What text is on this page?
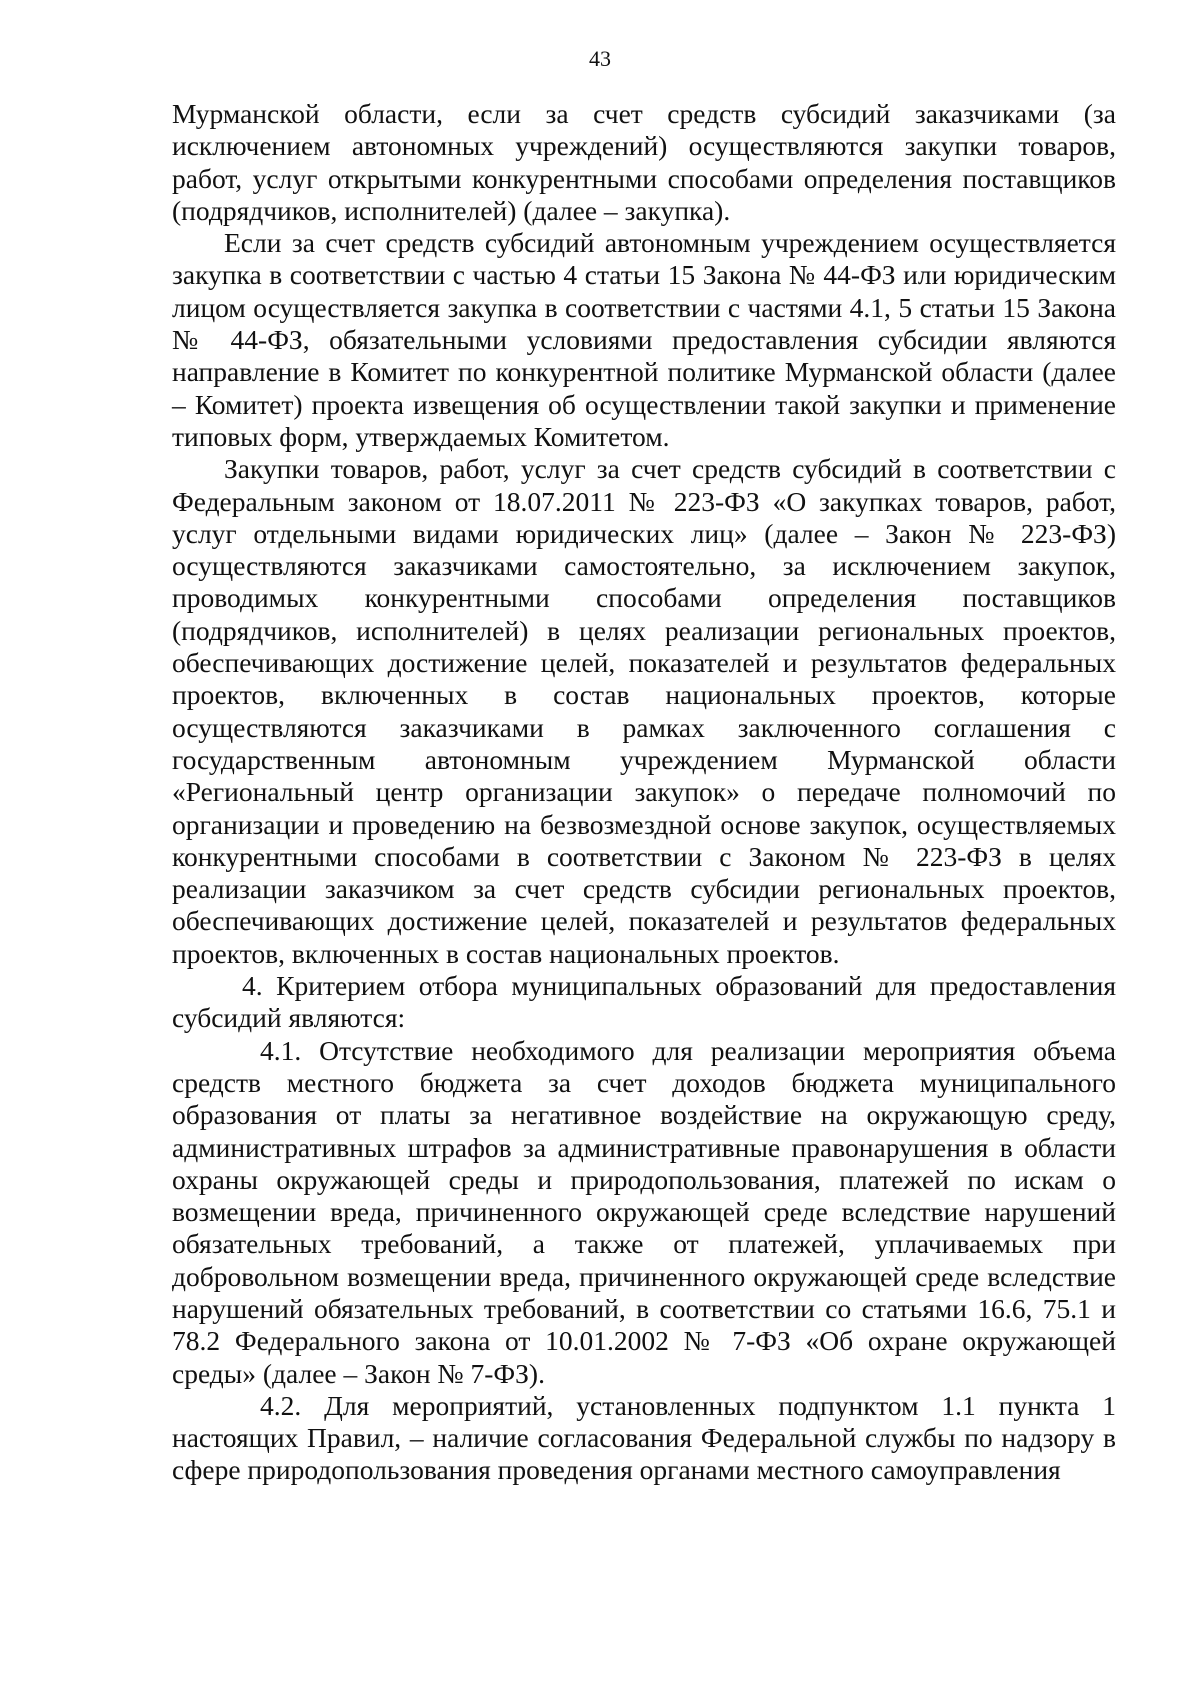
43

Мурманской области, если за счет средств субсидий заказчиками (за исключением автономных учреждений) осуществляются закупки товаров, работ, услуг открытыми конкурентными способами определения поставщиков (подрядчиков, исполнителей) (далее – закупка).

Если за счет средств субсидий автономным учреждением осуществляется закупка в соответствии с частью 4 статьи 15 Закона № 44-ФЗ или юридическим лицом осуществляется закупка в соответствии с частями 4.1, 5 статьи 15 Закона № 44-ФЗ, обязательными условиями предоставления субсидии являются направление в Комитет по конкурентной политике Мурманской области (далее – Комитет) проекта извещения об осуществлении такой закупки и применение типовых форм, утверждаемых Комитетом.

Закупки товаров, работ, услуг за счет средств субсидий в соответствии с Федеральным законом от 18.07.2011 № 223-ФЗ «О закупках товаров, работ, услуг отдельными видами юридических лиц» (далее – Закон № 223-ФЗ) осуществляются заказчиками самостоятельно, за исключением закупок, проводимых конкурентными способами определения поставщиков (подрядчиков, исполнителей) в целях реализации региональных проектов, обеспечивающих достижение целей, показателей и результатов федеральных проектов, включенных в состав национальных проектов, которые осуществляются заказчиками в рамках заключенного соглашения с государственным автономным учреждением Мурманской области «Региональный центр организации закупок» о передаче полномочий по организации и проведению на безвозмездной основе закупок, осуществляемых конкурентными способами в соответствии с Законом № 223-ФЗ в целях реализации заказчиком за счет средств субсидии региональных проектов, обеспечивающих достижение целей, показателей и результатов федеральных проектов, включенных в состав национальных проектов.

4. Критерием отбора муниципальных образований для предоставления субсидий являются:

4.1. Отсутствие необходимого для реализации мероприятия объема средств местного бюджета за счет доходов бюджета муниципального образования от платы за негативное воздействие на окружающую среду, административных штрафов за административные правонарушения в области охраны окружающей среды и природопользования, платежей по искам о возмещении вреда, причиненного окружающей среде вследствие нарушений обязательных требований, а также от платежей, уплачиваемых при добровольном возмещении вреда, причиненного окружающей среде вследствие нарушений обязательных требований, в соответствии со статьями 16.6, 75.1 и 78.2 Федерального закона от 10.01.2002 № 7-ФЗ «Об охране окружающей среды» (далее – Закон № 7-ФЗ).

4.2. Для мероприятий, установленных подпунктом 1.1 пункта 1 настоящих Правил, – наличие согласования Федеральной службы по надзору в сфере природопользования проведения органами местного самоуправления
